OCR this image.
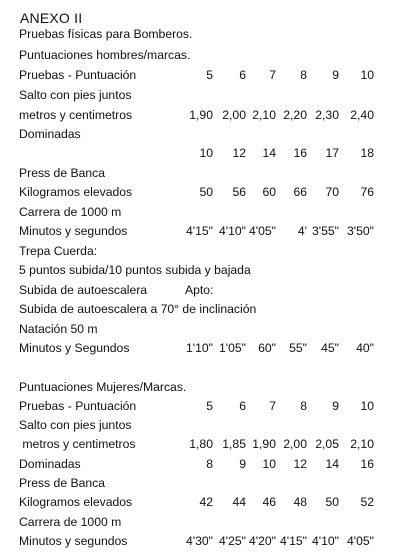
ANEXO II
Pruebas físicas para Bomberos.
Puntuaciones hombres/marcas.
Pruebas - Puntuación	5	6	7	8	9	10
Salto con pies juntos
metros y centimetros	1,90 2,00 2,10 2,20 2,30 2,40
Dominadas
10	12	14	16	17	18
Press de Banca
Kilogramos elevados	50	56	60	66	70	76
Carrera de 1000 m
Minutos y segundos	4'15" 4'10" 4'05"	4' 3'55" 3'50"
Trepa Cuerda:
5 puntos subida/10 puntos subida y bajada
Subida de autoescalera	Apto:
Subida de autoescalera a 70° de inclinación
Natación 50 m
Minutos y Segundos	1'10" 1'05" 60"	55"	45"	40"
Puntuaciones Mujeres/Marcas.
Pruebas - Puntuación	5	6	7	8	9	10
Salto con pies juntos
metros y centimetros	1,80 1,85 1,90 2,00 2,05 2,10
Dominadas	8	9	10	12	14	16
Press de Banca
Kilogramos elevados	42	44	46	48	50	52
Carrera de 1000 m
Minutos y segundos	4'30" 4'25" 4'20" 4'15" 4'10" 4'05"
